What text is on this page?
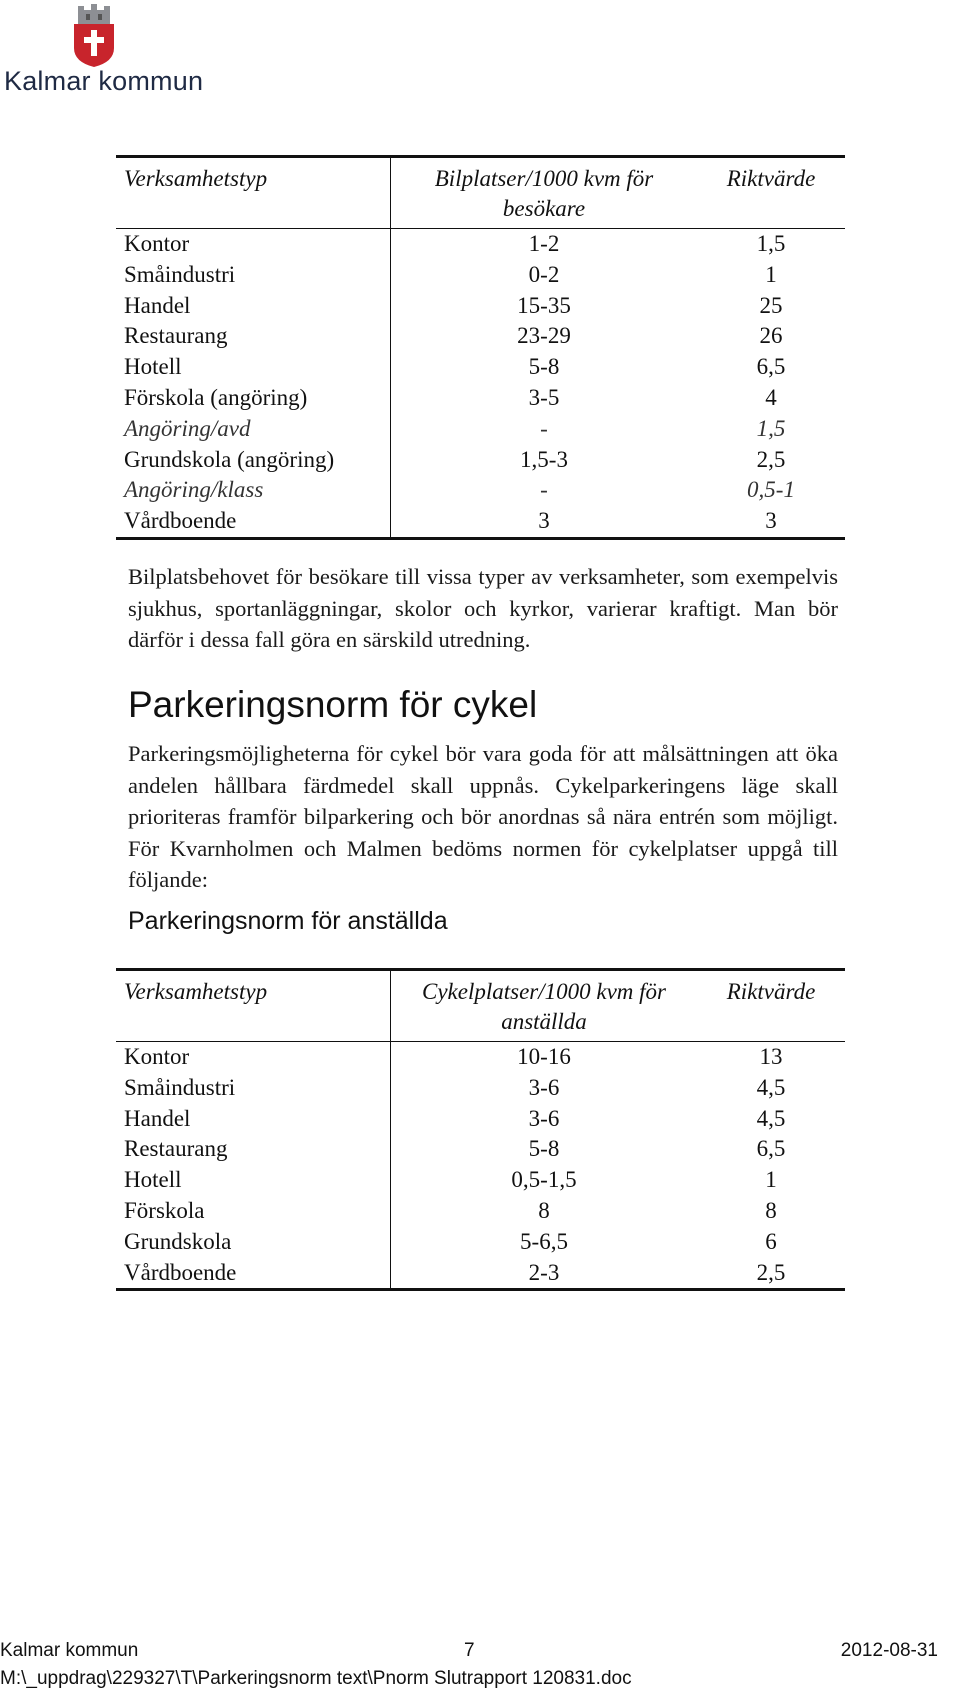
Kalmar kommun
Verksamhetstyp	Bilplatser/1000 kvm för besökare	Riktvärde
Kontor	1-2	1,5
Småindustri	0-2	1
Handel	15-35	25
Restaurang	23-29	26
Hotell	5-8	6,5
Förskola (angöring)	3-5	4
Angöring/avd	-	1,5
Grundskola (angöring)	1,5-3	2,5
Angöring/klass	-	0,5-1
Vårdboende	3	3

Bilplatsbehovet för besökare till vissa typer av verksamheter, som exempelvis sjukhus, sportanläggningar, skolor och kyrkor, varierar kraftigt. Man bör därför i dessa fall göra en särskild utredning.

Parkeringsnorm för cykel

Parkeringsmöjligheterna för cykel bör vara goda för att målsättningen att öka andelen hållbara färdmedel skall uppnås. Cykelparkeringens läge skall prioriteras framför bilparkering och bör anordnas så nära entrén som möjligt. För Kvarnholmen och Malmen bedöms normen för cykelplatser uppgå till följande:

Parkeringsnorm för anställda
Verksamhetstyp	Cykelplatser/1000 kvm för anställda	Riktvärde
Kontor	10-16	13
Småindustri	3-6	4,5
Handel	3-6	4,5
Restaurang	5-8	6,5
Hotell	0,5-1,5	1
Förskola	8	8
Grundskola	5-6,5	6
Vårdboende	2-3	2,5
Kalmar kommun	7	2012-08-31
M:\_uppdrag\229327\T\Parkeringsnorm text\Pnorm Slutrapport 120831.doc
